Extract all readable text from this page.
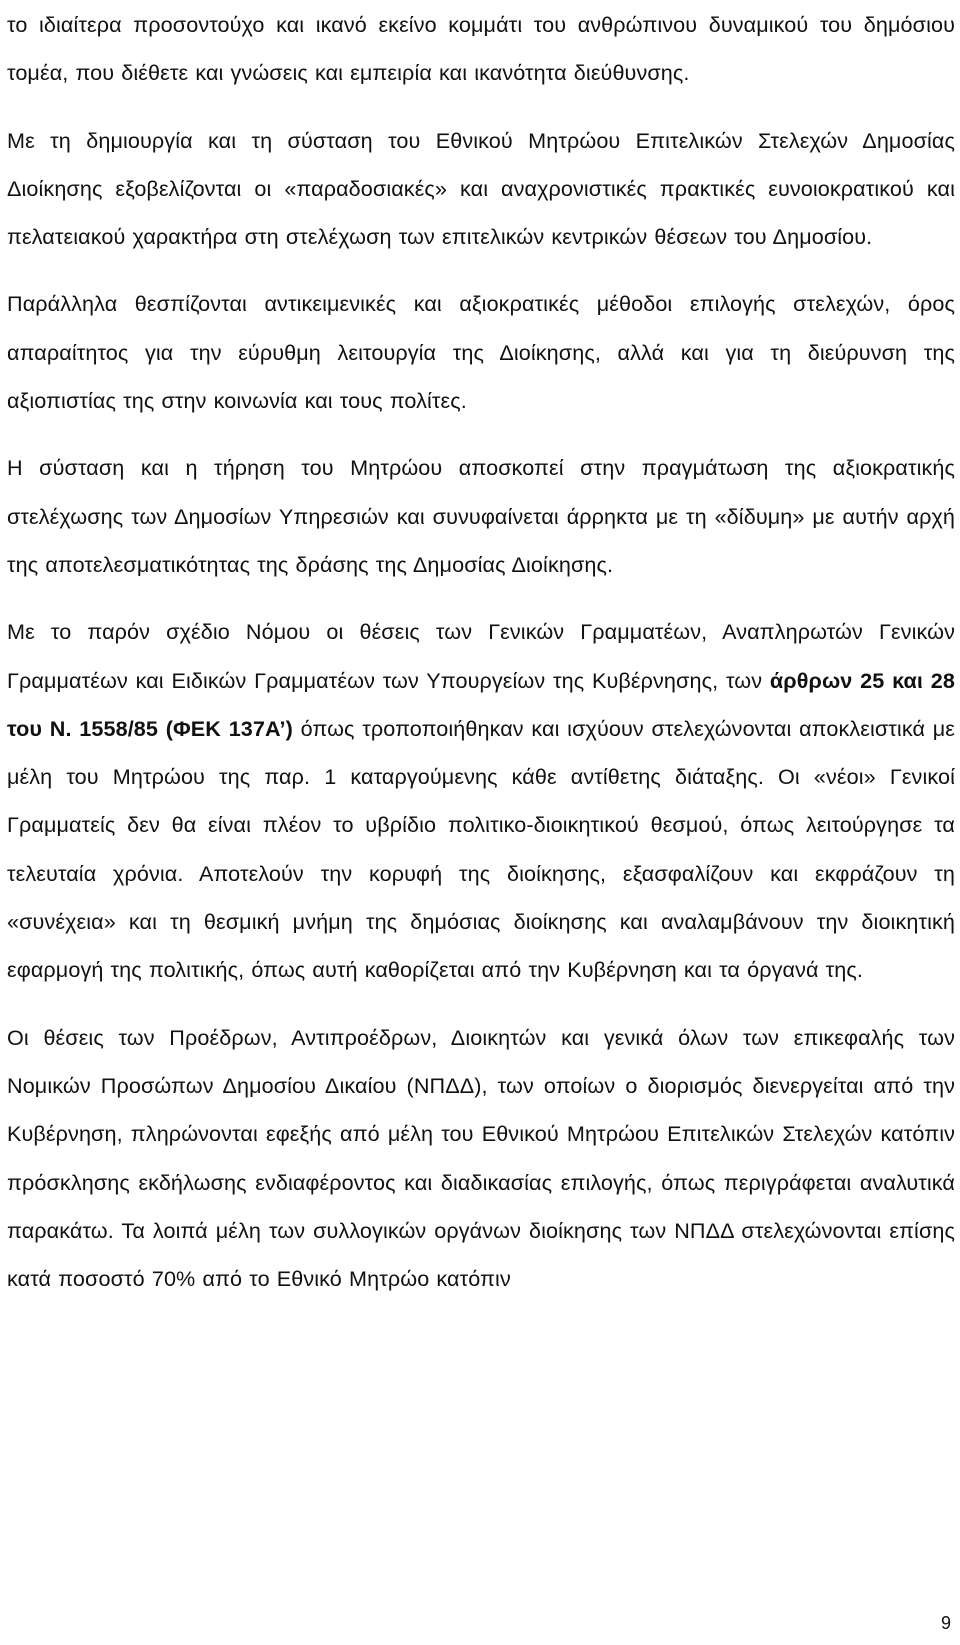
το ιδιαίτερα προσοντούχο και ικανό εκείνο κομμάτι του ανθρώπινου δυναμικού του δημόσιου τομέα, που διέθετε και γνώσεις και εμπειρία και ικανότητα διεύθυνσης.

Με τη δημιουργία και τη σύσταση του Εθνικού Μητρώου Επιτελικών Στελεχών Δημοσίας Διοίκησης εξοβελίζονται οι «παραδοσιακές» και αναχρονιστικές πρακτικές ευνοιοκρατικού και πελατειακού χαρακτήρα στη στελέχωση των επιτελικών κεντρικών θέσεων του Δημοσίου.

Παράλληλα θεσπίζονται αντικειμενικές και αξιοκρατικές μέθοδοι επιλογής στελεχών, όρος απαραίτητος για την εύρυθμη λειτουργία της Διοίκησης, αλλά και για τη διεύρυνση της αξιοπιστίας της στην κοινωνία και τους πολίτες.

Η σύσταση και η τήρηση του Μητρώου αποσκοπεί στην πραγμάτωση της αξιοκρατικής στελέχωσης των Δημοσίων Υπηρεσιών και συνυφαίνεται άρρηκτα με τη «δίδυμη» με αυτήν αρχή της αποτελεσματικότητας της δράσης της Δημοσίας Διοίκησης.

Με το παρόν σχέδιο Νόμου οι θέσεις των Γενικών Γραμματέων, Αναπληρωτών Γενικών Γραμματέων και Ειδικών Γραμματέων των Υπουργείων της Κυβέρνησης, των άρθρων 25 και 28 του Ν. 1558/85 (ΦΕΚ 137Α’) όπως τροποποιήθηκαν και ισχύουν στελεχώνονται αποκλειστικά με μέλη του Μητρώου της παρ. 1 καταργούμενης κάθε αντίθετης διάταξης. Οι «νέοι» Γενικοί Γραμματείς δεν θα είναι πλέον το υβρίδιο πολιτικο-διοικητικού θεσμού, όπως λειτούργησε τα τελευταία χρόνια. Αποτελούν την κορυφή της διοίκησης, εξασφαλίζουν και εκφράζουν τη «συνέχεια» και τη θεσμική μνήμη της δημόσιας διοίκησης και αναλαμβάνουν την διοικητική εφαρμογή της πολιτικής, όπως αυτή καθορίζεται από την Κυβέρνηση και τα όργανά της.

Οι θέσεις των Προέδρων, Αντιπροέδρων, Διοικητών και γενικά όλων των επικεφαλής των Νομικών Προσώπων Δημοσίου Δικαίου (ΝΠΔΔ), των οποίων ο διορισμός διενεργείται από την Κυβέρνηση, πληρώνονται εφεξής από μέλη του Εθνικού Μητρώου Επιτελικών Στελεχών κατόπιν πρόσκλησης εκδήλωσης ενδιαφέροντος και διαδικασίας επιλογής, όπως περιγράφεται αναλυτικά παρακάτω. Τα λοιπά μέλη των συλλογικών οργάνων διοίκησης των ΝΠΔΔ στελεχώνονται επίσης κατά ποσοστό 70% από το Εθνικό Μητρώο κατόπιν

9
